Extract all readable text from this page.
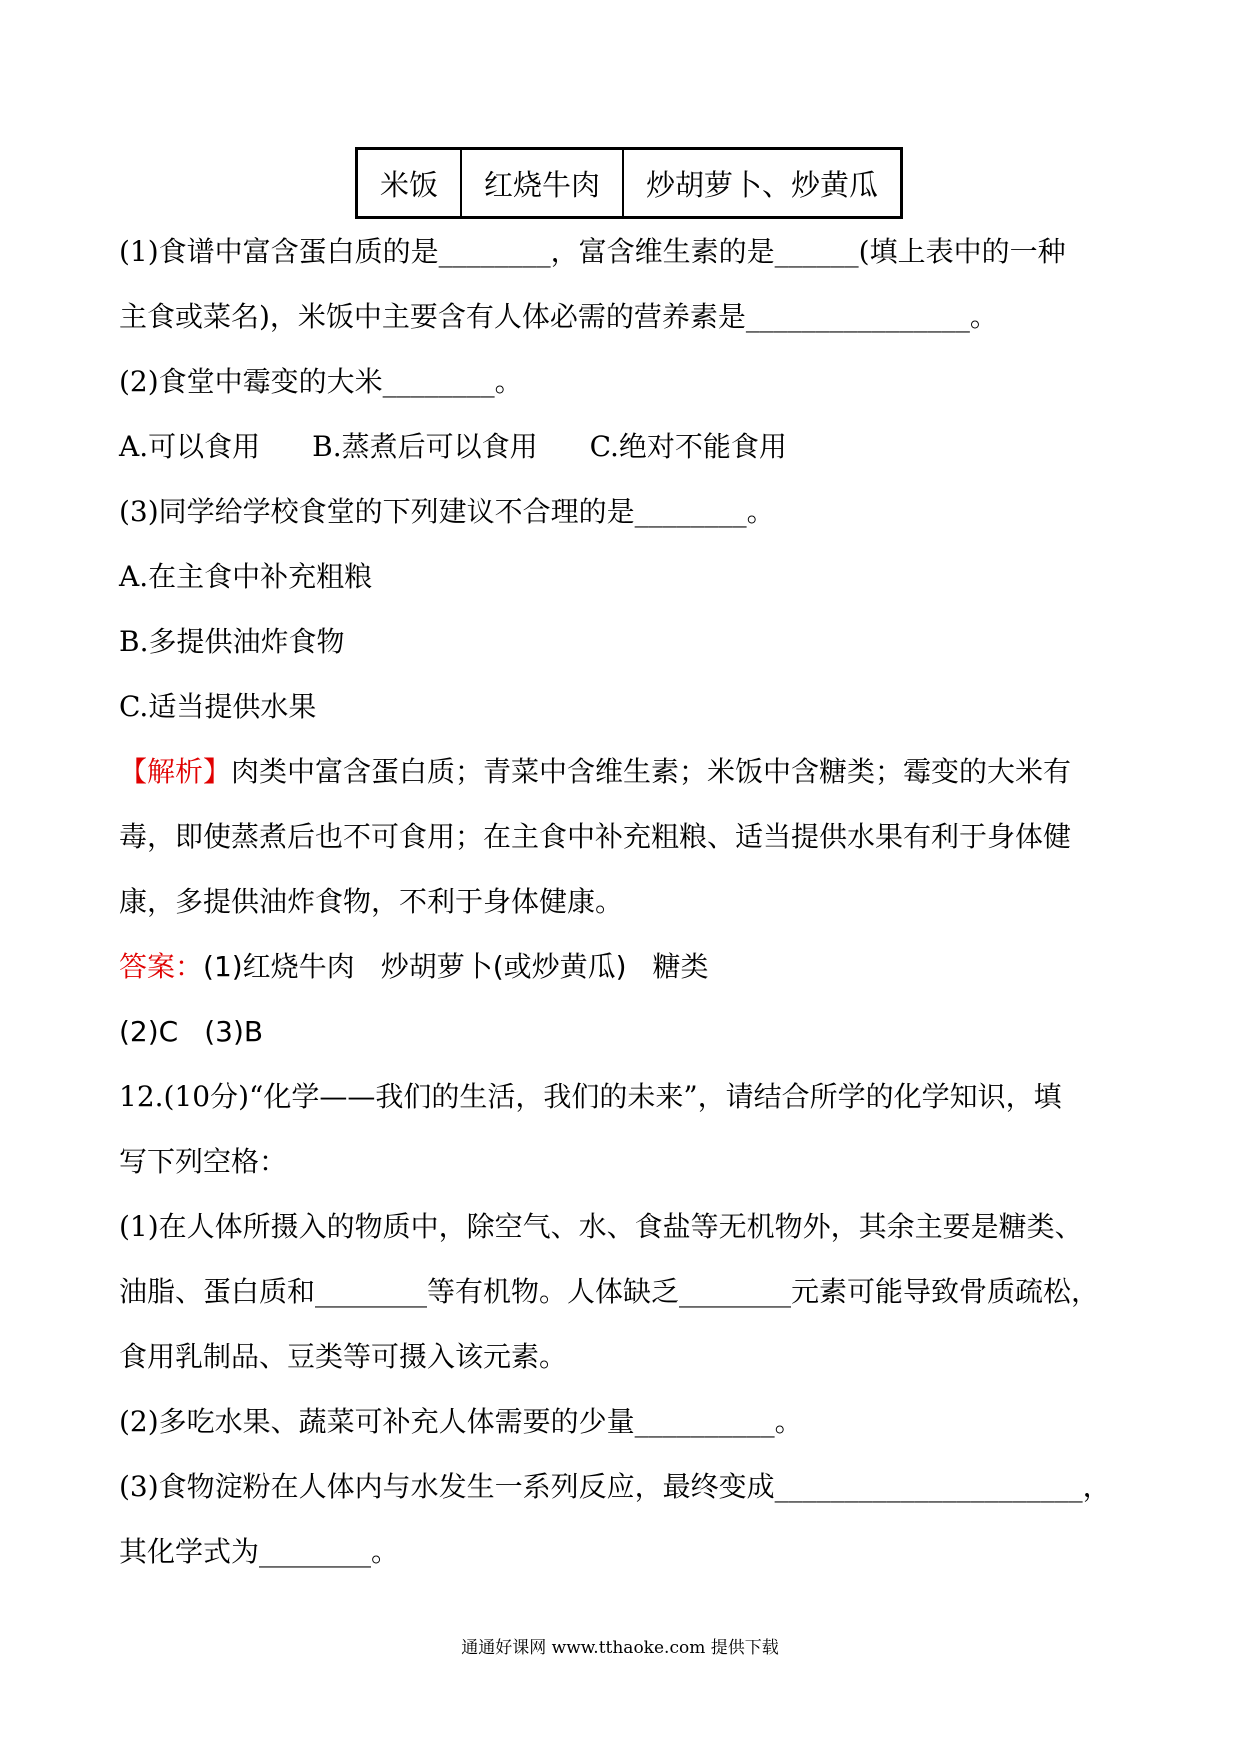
米饭	红烧牛肉	炒胡萝卜、炒黄瓜
(1)食谱中富含蛋白质的是________，富含维生素的是______(填上表中的一种
主食或菜名)，米饭中主要含有人体必需的营养素是________________。
(2)食堂中霉变的大米________。
A.可以食用 B.蒸煮后可以食用 C.绝对不能食用
(3)同学给学校食堂的下列建议不合理的是________。
A.在主食中补充粗粮
B.多提供油炸食物
C.适当提供水果
【解析】肉类中富含蛋白质；青菜中含维生素；米饭中含糖类；霉变的大米有
毒，即使蒸煮后也不可食用；在主食中补充粗粮、适当提供水果有利于身体健
康，多提供油炸食物，不利于身体健康。
答案：(1)红烧牛肉 炒胡萝卜(或炒黄瓜) 糖类
(2)C (3)B
12.(10分)“化学——我们的生活，我们的未来”，请结合所学的化学知识，填
写下列空格：
(1)在人体所摄入的物质中，除空气、水、食盐等无机物外，其余主要是糖类、
油脂、蛋白质和________等有机物。人体缺乏________元素可能导致骨质疏松，
食用乳制品、豆类等可摄入该元素。
(2)多吃水果、蔬菜可补充人体需要的少量__________。
(3)食物淀粉在人体内与水发生一系列反应，最终变成______________________，
其化学式为________。
通通好课网 www.tthaoke.com 提供下载
